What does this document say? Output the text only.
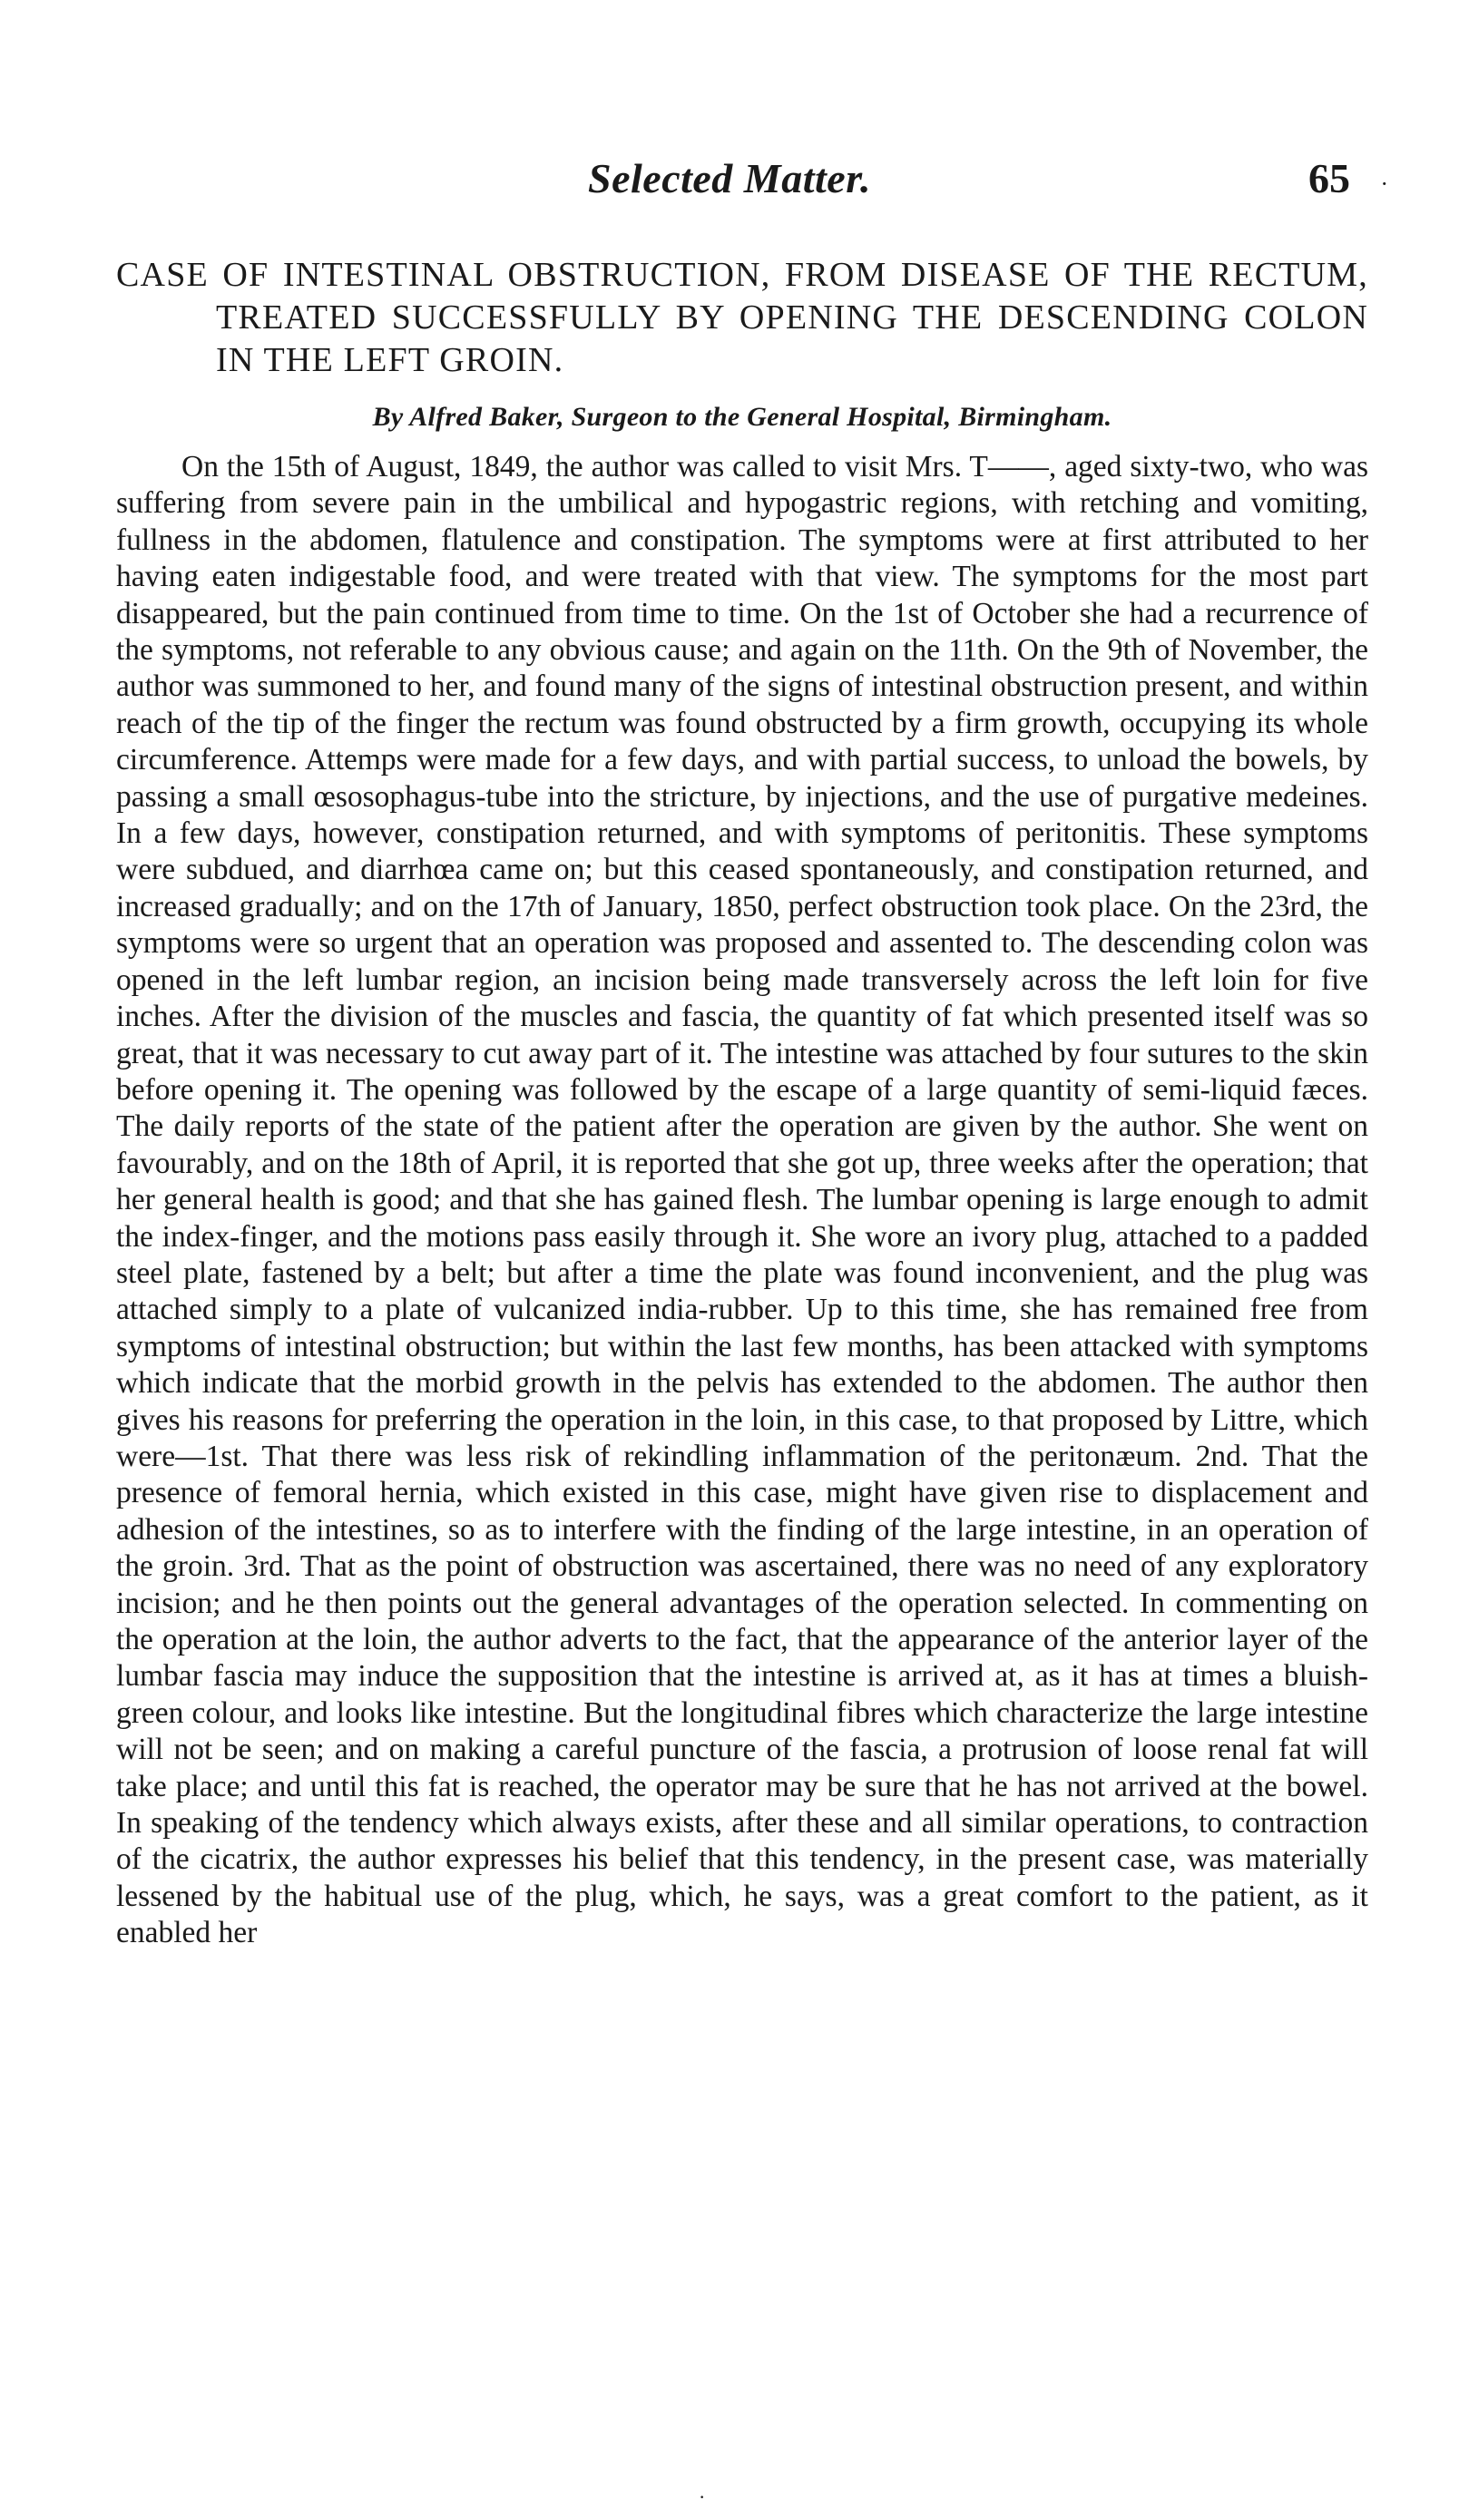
Selected Matter.	65 ·
CASE OF INTESTINAL OBSTRUCTION, FROM DISEASE OF THE RECTUM, TREATED SUCCESSFULLY BY OPENING THE DESCENDING COLON IN THE LEFT GROIN.
By Alfred Baker, Surgeon to the General Hospital, Birmingham.
On the 15th of August, 1849, the author was called to visit Mrs. T——, aged sixty-two, who was suffering from severe pain in the umbilical and hypogastric regions, with retching and vomiting, fullness in the abdomen, flatulence and constipation. The symptoms were at first attributed to her having eaten indigestable food, and were treated with that view. The symptoms for the most part disappeared, but the pain continued from time to time. On the 1st of October she had a recurrence of the symptoms, not referable to any obvious cause; and again on the 11th. On the 9th of November, the author was summoned to her, and found many of the signs of intestinal obstruction present, and within reach of the tip of the finger the rectum was found obstructed by a firm growth, occupying its whole circumference. Attemps were made for a few days, and with partial success, to unload the bowels, by passing a small œsosophagus-tube into the stricture, by injections, and the use of purgative medeines. In a few days, however, constipation returned, and with symptoms of peritonitis. These symptoms were subdued, and diarrhœa came on; but this ceased spontaneously, and constipation returned, and increased gradually; and on the 17th of January, 1850, perfect obstruction took place. On the 23rd, the symptoms were so urgent that an operation was proposed and assented to. The descending colon was opened in the left lumbar region, an incision being made transversely across the left loin for five inches. After the division of the muscles and fascia, the quantity of fat which presented itself was so great, that it was necessary to cut away part of it. The intestine was attached by four sutures to the skin before opening it. The opening was followed by the escape of a large quantity of semi-liquid fæces. The daily reports of the state of the patient after the operation are given by the author. She went on favourably, and on the 18th of April, it is reported that she got up, three weeks after the operation; that her general health is good; and that she has gained flesh. The lumbar opening is large enough to admit the index-finger, and the motions pass easily through it. She wore an ivory plug, attached to a padded steel plate, fastened by a belt; but after a time the plate was found inconvenient, and the plug was attached simply to a plate of vulcanized india-rubber. Up to this time, she has remained free from symptoms of intestinal obstruction; but within the last few months, has been attacked with symptoms which indicate that the morbid growth in the pelvis has extended to the abdomen. The author then gives his reasons for preferring the operation in the loin, in this case, to that proposed by Littre, which were—1st. That there was less risk of rekindling inflammation of the peritonæum. 2nd. That the presence of femoral hernia, which existed in this case, might have given rise to displacement and adhesion of the intestines, so as to interfere with the finding of the large intestine, in an operation of the groin. 3rd. That as the point of obstruction was ascertained, there was no need of any exploratory incision; and he then points out the general advantages of the operation selected. In commenting on the operation at the loin, the author adverts to the fact, that the appearance of the anterior layer of the lumbar fascia may induce the supposition that the intestine is arrived at, as it has at times a bluish-green colour, and looks like intestine. But the longitudinal fibres which characterize the large intestine will not be seen; and on making a careful puncture of the fascia, a protrusion of loose renal fat will take place; and until this fat is reached, the operator may be sure that he has not arrived at the bowel. In speaking of the tendency which always exists, after these and all similar operations, to contraction of the cicatrix, the author expresses his belief that this tendency, in the present case, was materially lessened by the habitual use of the plug, which, he says, was a great comfort to the patient, as it enabled her
·
